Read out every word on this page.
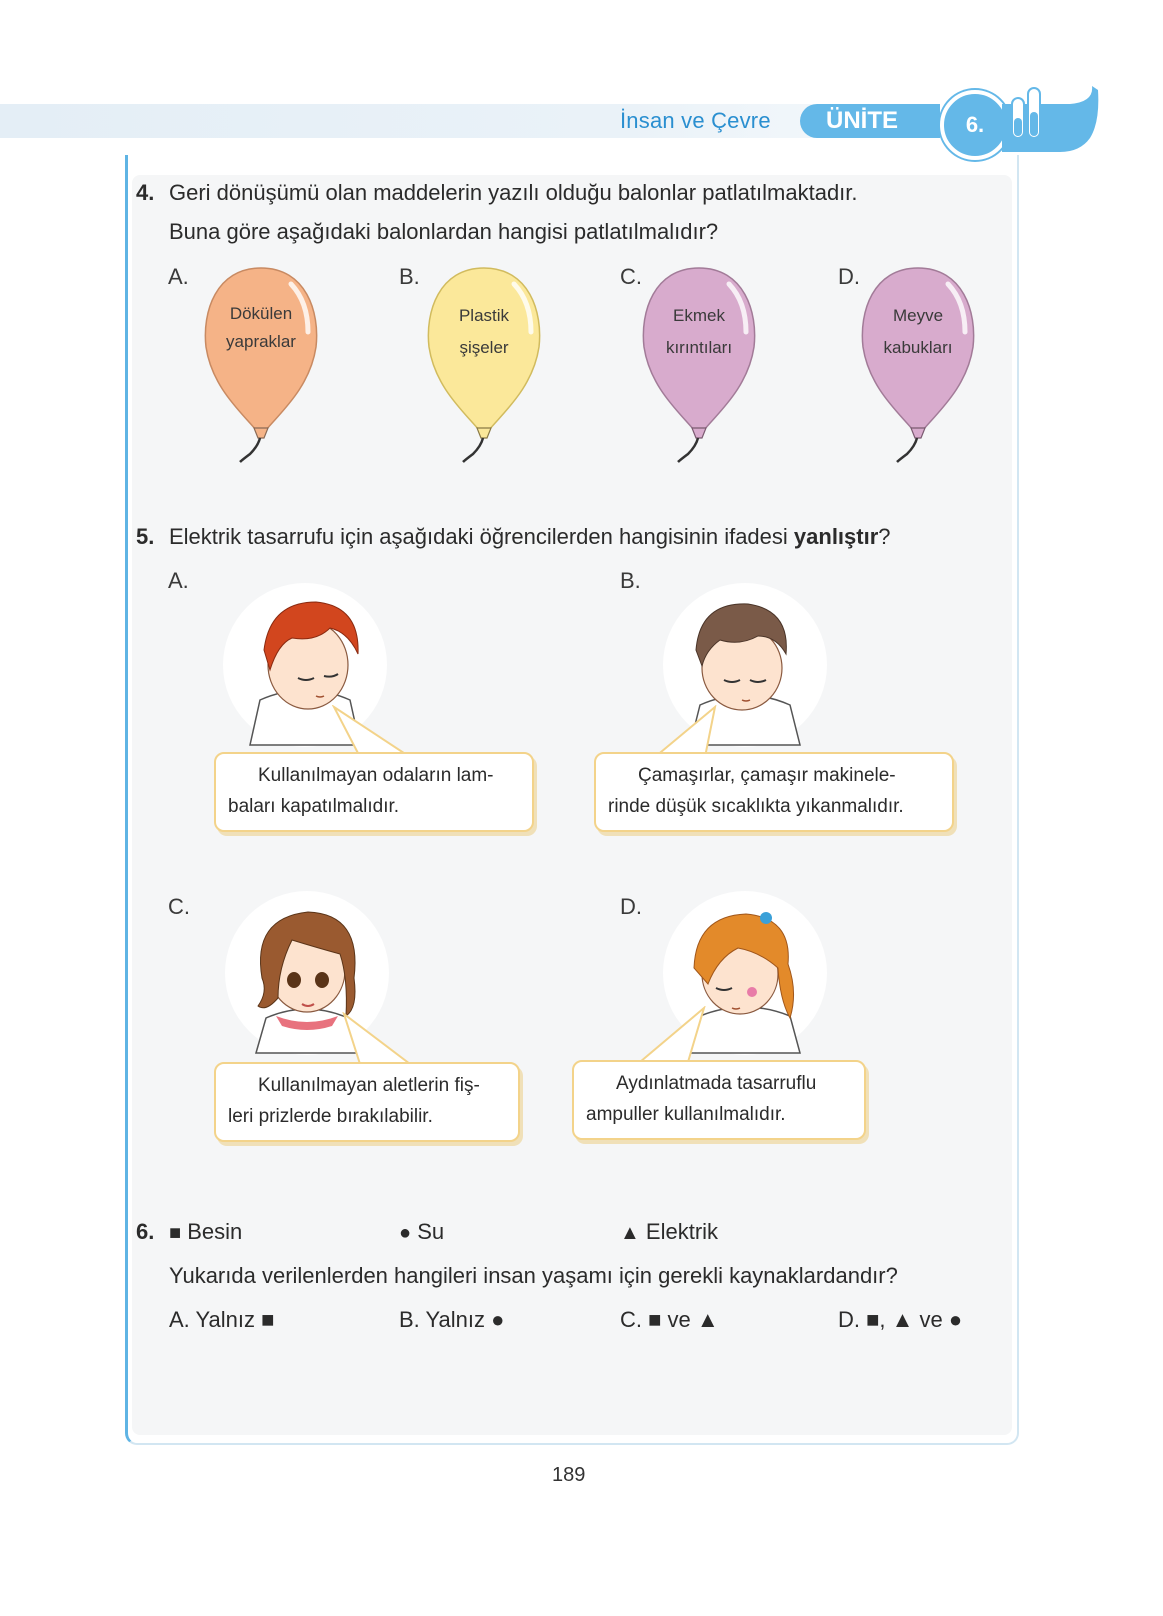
İnsan ve Çevre	ÜNİTE	6.
4. Geri dönüşümü olan maddelerin yazılı olduğu balonlar patlatılmaktadır.
Buna göre aşağıdaki balonlardan hangisi patlatılmalıdır?
A.	B.	C.	D.
Dökülen
yapraklar
Plastik
şişeler
Ekmek
kırıntıları
Meyve
kabukları
5. Elektrik tasarrufu için aşağıdaki öğrencilerden hangisinin ifadesi yanlıştır?
A.	B.
C.	D.

Kullanılmayan odaların lam-

baları kapatılmalıdır.

Çamaşırlar, çamaşır makinele-

rinde düşük sıcaklıkta yıkanmalıdır.

Kullanılmayan aletlerin fiş-

leri prizlerde bırakılabilir.

Aydınlatmada tasarruflu

ampuller kullanılmalıdır.

6. ■ Besin	● Su	▲ Elektrik
Yukarıda verilenlerden hangileri insan yaşamı için gerekli kaynaklardandır?
A. Yalnız ■	B. Yalnız ●	C. ■ ve ▲	D. ■, ▲ ve ●
189
